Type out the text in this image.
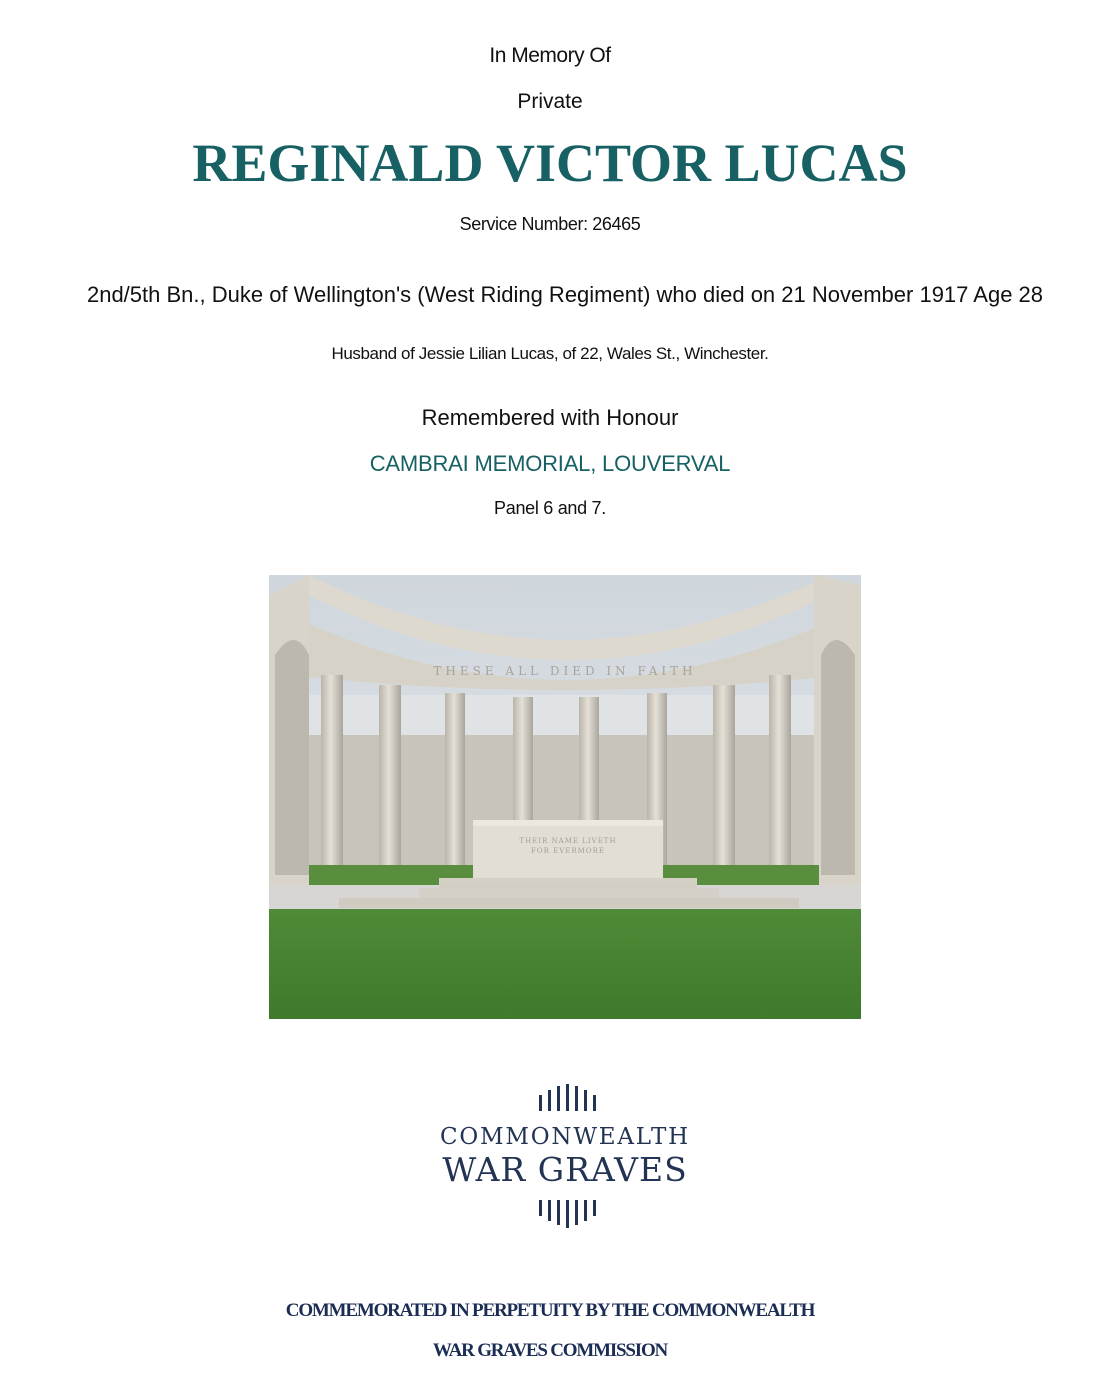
In Memory Of
Private
REGINALD VICTOR LUCAS
Service Number: 26465
2nd/5th Bn., Duke of Wellington's (West Riding Regiment) who died on 21 November 1917 Age 28
Husband of Jessie Lilian Lucas, of 22, Wales St., Winchester.
Remembered with Honour
CAMBRAI MEMORIAL, LOUVERVAL
Panel 6 and 7.
THESE ALL DIED IN FAITH
THEIR NAME LIVETH
FOR EVERMORE
COMMONWEALTH
WAR GRAVES
COMMEMORATED IN PERPETUITY BY THE COMMONWEALTH
WAR GRAVES COMMISSION
